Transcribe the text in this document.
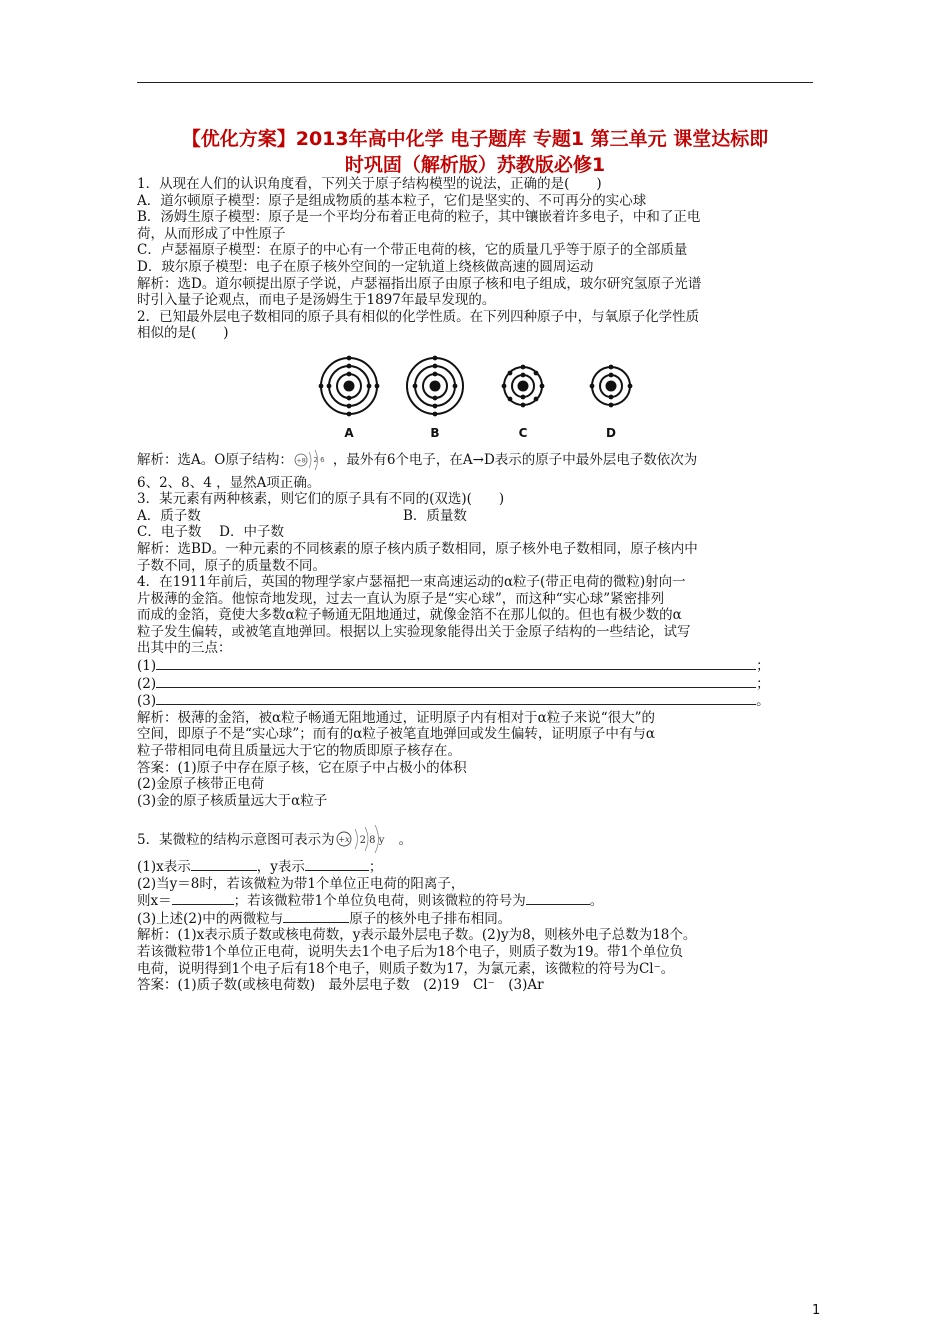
【优化方案】2013年高中化学 电子题库 专题1 第三单元 课堂达标即
时巩固（解析版）苏教版必修1
1．从现在人们的认识角度看，下列关于原子结构模型的说法，正确的是(　　)
A．道尔顿原子模型：原子是组成物质的基本粒子，它们是坚实的、不可再分的实心球
B．汤姆生原子模型：原子是一个平均分布着正电荷的粒子，其中镶嵌着许多电子，中和了正电
荷，从而形成了中性原子
C．卢瑟福原子模型：在原子的中心有一个带正电荷的核，它的质量几乎等于原子的全部质量
D．玻尔原子模型：电子在原子核外空间的一定轨道上绕核做高速的圆周运动
解析：选D。道尔顿提出原子学说，卢瑟福指出原子由原子核和电子组成，玻尔研究氢原子光谱
时引入量子论观点，而电子是汤姆生于1897年最早发现的。
2．已知最外层电子数相同的原子具有相似的化学性质。在下列四种原子中，与氧原子化学性质
相似的是(　　)
A	B	C	D
解析：选A。O原子结构： +8 2 6 ，最外有6个电子，在A→D表示的原子中最外层电子数依次为
6、2、8、4 ，显然A项正确。
3．某元素有两种核素，则它们的原子具有不同的(双选)(　　)
A．质子数	B．质量数
C．电子数　 D．中子数
解析：选BD。一种元素的不同核素的原子核内质子数相同，原子核外电子数相同，原子核内中
子数不同，原子的质量数不同。
4．在1911年前后，英国的物理学家卢瑟福把一束高速运动的α粒子(带正电荷的微粒)射向一
片极薄的金箔。他惊奇地发现，过去一直认为原子是“实心球”，而这种“实心球”紧密排列
而成的金箔，竟使大多数α粒子畅通无阻地通过，就像金箔不在那儿似的。但也有极少数的α
粒子发生偏转，或被笔直地弹回。根据以上实验现象能得出关于金原子结构的一些结论，试写
出其中的三点：
(1)	；
(2)	；
(3)	。
解析：极薄的金箔，被α粒子畅通无阻地通过，证明原子内有相对于α粒子来说“很大”的
空间，即原子不是“实心球”；而有的α粒子被笔直地弹回或发生偏转，证明原子中有与α
粒子带相同电荷且质量远大于它的物质即原子核存在。
答案：(1)原子中存在原子核，它在原子中占极小的体积
(2)金原子核带正电荷
(3)金的原子核质量远大于α粒子
5．某微粒的结构示意图可表示为 +x 2 8 y 。
(1)x表示	，y表示	；
(2)当y＝8时，若该微粒为带1个单位正电荷的阳离子，
则x＝	；若该微粒带1个单位负电荷，则该微粒的符号为	。
(3)上述(2)中的两微粒与	原子的核外电子排布相同。
解析：(1)x表示质子数或核电荷数，y表示最外层电子数。(2)y为8，则核外电子总数为18个。
若该微粒带1个单位正电荷，说明失去1个电子后为18个电子，则质子数为19。带1个单位负
电荷，说明得到1个电子后有18个电子，则质子数为17，为氯元素，该微粒的符号为Cl⁻。
答案：(1)质子数(或核电荷数)　最外层电子数　(2)19　Cl⁻　(3)Ar
1
